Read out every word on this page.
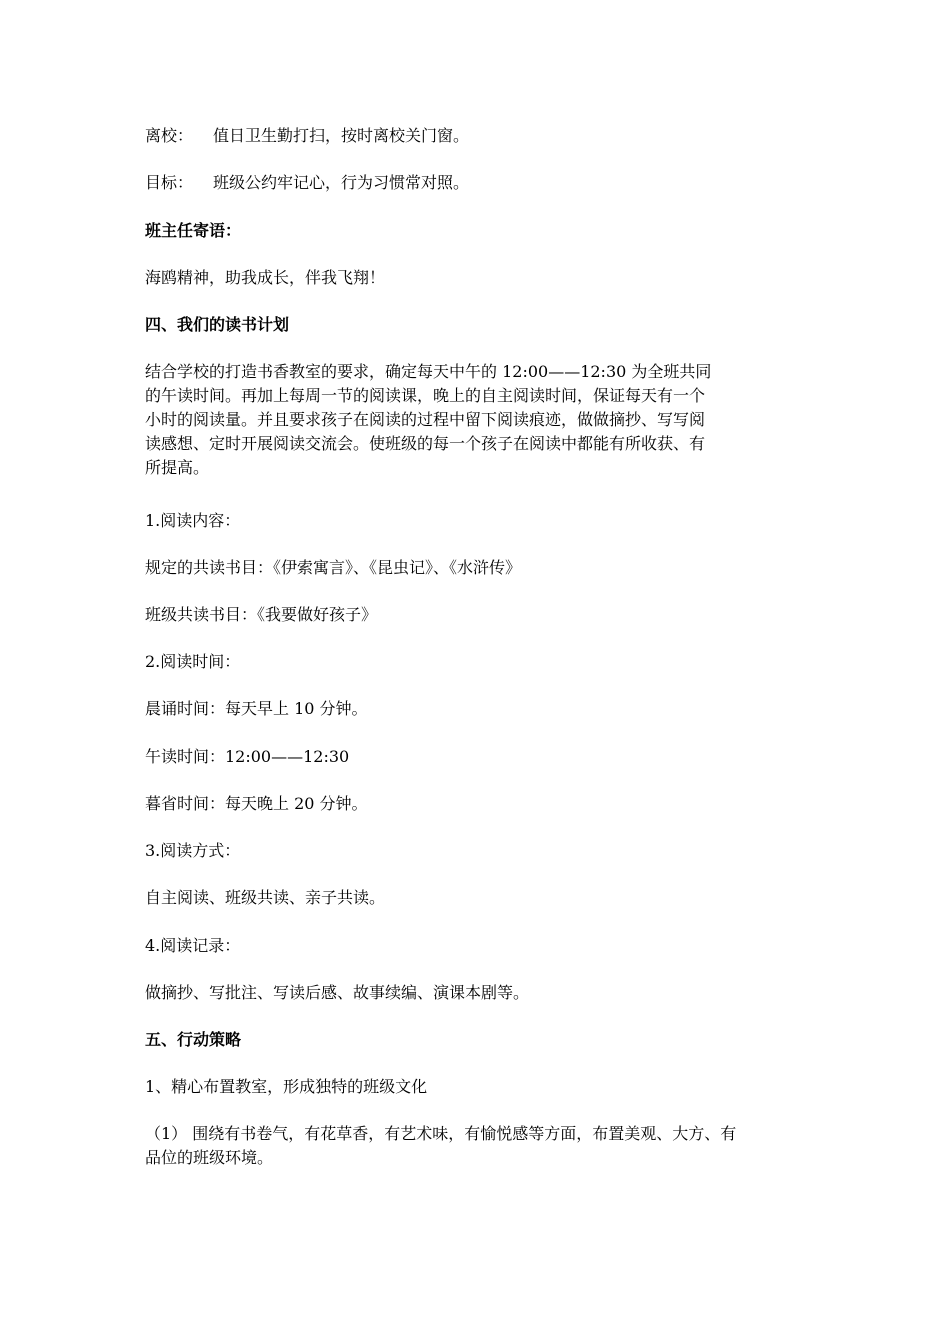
离校： 值日卫生勤打扫，按时离校关门窗。
目标： 班级公约牢记心，行为习惯常对照。
班主任寄语：
海鸥精神，助我成长，伴我飞翔！
四、我们的读书计划
结合学校的打造书香教室的要求，确定每天中午的 12:00——12:30 为全班共同
的午读时间。再加上每周一节的阅读课，晚上的自主阅读时间，保证每天有一个
小时的阅读量。并且要求孩子在阅读的过程中留下阅读痕迹，做做摘抄、写写阅
读感想、定时开展阅读交流会。使班级的每一个孩子在阅读中都能有所收获、有
所提高。
1.阅读内容：
规定的共读书目：《伊索寓言》、《昆虫记》、《水浒传》
班级共读书目：《我要做好孩子》
2.阅读时间：
晨诵时间：每天早上 10 分钟。
午读时间：12:00——12:30
暮省时间：每天晚上 20 分钟。
3.阅读方式：
自主阅读、班级共读、亲子共读。
4.阅读记录：
做摘抄、写批注、写读后感、故事续编、演课本剧等。
五、行动策略
1、精心布置教室，形成独特的班级文化
（1） 围绕有书卷气，有花草香，有艺术味，有愉悦感等方面，布置美观、大方、有
品位的班级环境。
